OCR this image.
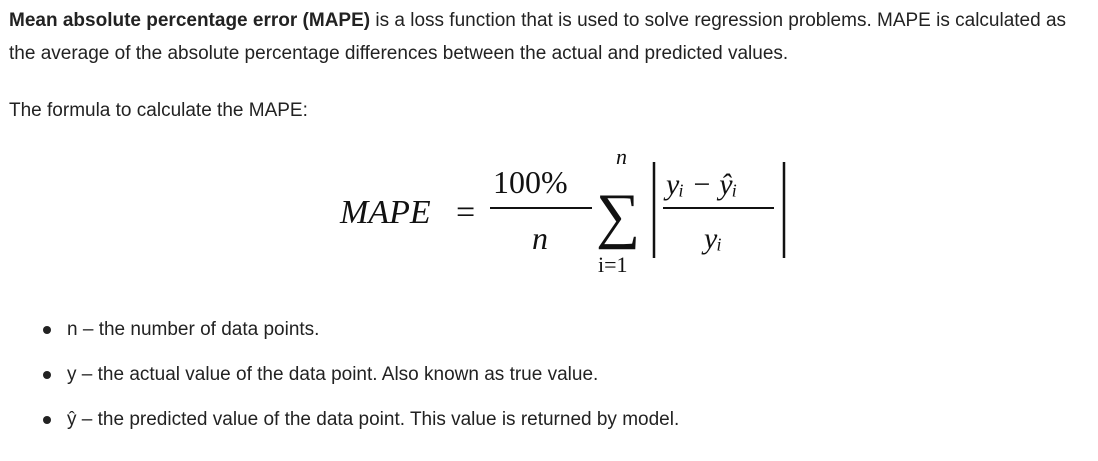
Mean absolute percentage error (MAPE) is a loss function that is used to solve regression problems. MAPE is calculated as the average of the absolute percentage differences between the actual and predicted values.

The formula to calculate the MAPE:

MAPE =
100%
n
n
∑
i=1
yᵢ − ŷᵢ
yᵢ
n – the number of data points.
y – the actual value of the data point. Also known as true value.
ŷ – the predicted value of the data point. This value is returned by model.
